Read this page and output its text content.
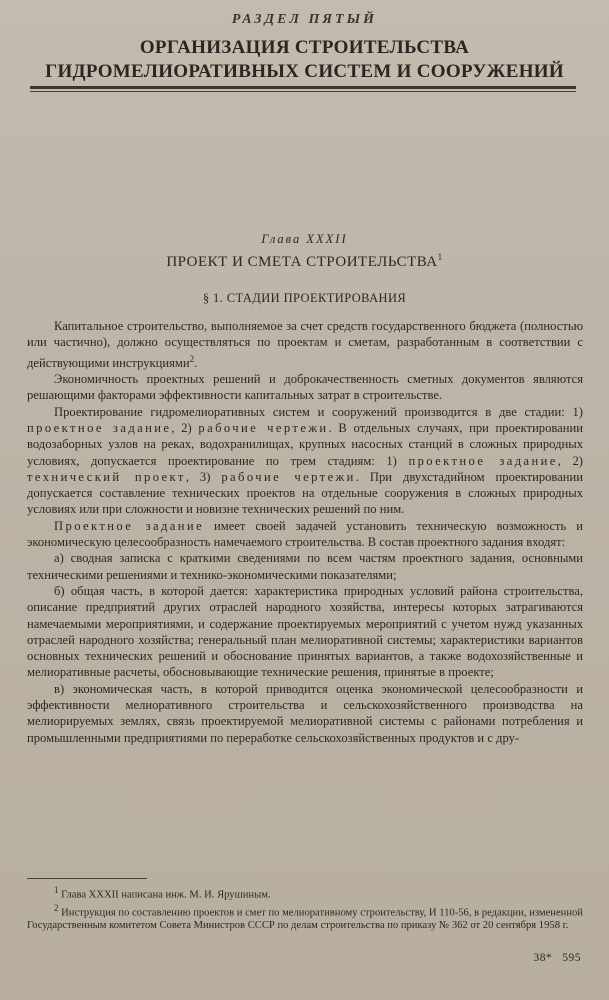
РАЗДЕЛ ПЯТЫЙ
ОРГАНИЗАЦИЯ СТРОИТЕЛЬСТВА
ГИДРОМЕЛИОРАТИВНЫХ СИСТЕМ И СООРУЖЕНИЙ
Глава XXXII
ПРОЕКТ И СМЕТА СТРОИТЕЛЬСТВА$^1$
§ 1. СТАДИИ ПРОЕКТИРОВАНИЯ

Капитальное строительство, выполняемое за счет средств государственного бюджета (полностью или частично), должно осуществляться по проектам и сметам, разработанным в соответствии с действующими инструкциями$^2$.

Экономичность проектных решений и доброкачественность сметных документов являются решающими факторами эффективности капитальных затрат в строительстве.

Проектирование гидромелиоративных систем и сооружений производится в две стадии: 1) проектное задание, 2) рабочие чертежи. В отдельных случаях, при проектировании водозаборных узлов на реках, водохранилищах, крупных насосных станций в сложных природных условиях, допускается проектирование по трем стадиям: 1) проектное задание, 2) технический проект, 3) рабочие чертежи. При двухстадийном проектировании допускается составление технических проектов на отдельные сооружения в сложных природных условиях или при сложности и новизне технических решений по ним.

Проектное задание имеет своей задачей установить техническую возможность и экономическую целесообразность намечаемого строительства. В состав проектного задания входят:

а) сводная записка с краткими сведениями по всем частям проектного задания, основными техническими решениями и технико-экономическими показателями;

б) общая часть, в которой дается: характеристика природных условий района строительства, описание предприятий других отраслей народного хозяйства, интересы которых затрагиваются намечаемыми мероприятиями, и содержание проектируемых мероприятий с учетом нужд указанных отраслей народного хозяйства; генеральный план мелиоративной системы; характеристики вариантов основных технических решений и обоснование принятых вариантов, а также водохозяйственные и мелиоративные расчеты, обосновывающие технические решения, принятые в проекте;

в) экономическая часть, в которой приводится оценка экономической целесообразности и эффективности мелиоративного строительства и сельскохозяйственного производства на мелиорируемых землях, связь проектируемой мелиоративной системы с районами потребления и промышленными предприятиями по переработке сельскохозяйственных продуктов и с дру-

$^1$ Глава XXXII написана инж. М. И. Ярушиным.

$^2$ Инструкция по составлению проектов и смет по мелиоративному строительству, И 110-56, в редакции, измененной Государственным комитетом Совета Министров СССР по делам строительства по приказу № 362 от 20 сентября 1958 г.

38* 595
